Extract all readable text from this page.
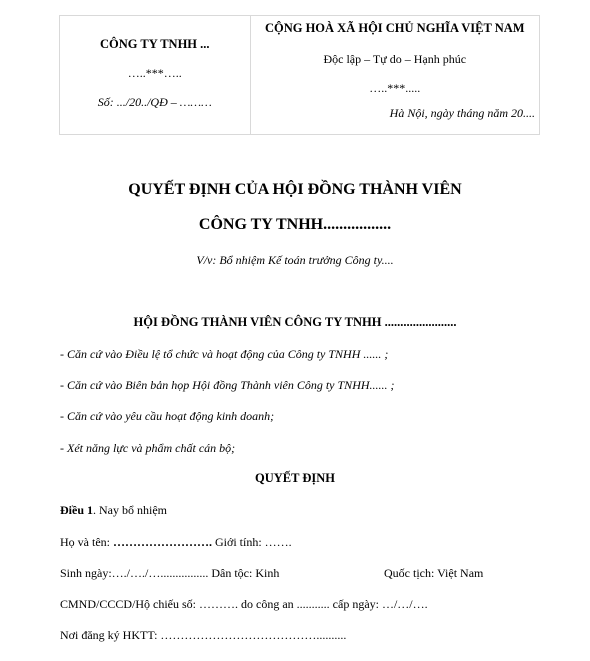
CÔNG TY TNHH ...
…..***…..
Số: .../20../QĐ – ………

CỘNG HOÀ XÃ HỘI CHỦ NGHĨA VIỆT NAM
Độc lập – Tự do – Hạnh phúc
…..***.....
Hà Nội, ngày tháng năm 20....
QUYẾT ĐỊNH CỦA HỘI ĐỒNG THÀNH VIÊN
CÔNG TY TNHH.................
V/v: Bổ nhiệm Kế toán trưởng Công ty....
HỘI ĐỒNG THÀNH VIÊN CÔNG TY TNHH .......................
- Căn cứ vào Điều lệ tổ chức và hoạt động của Công ty TNHH ...... ;
- Căn cứ vào Biên bản họp Hội đồng Thành viên Công ty TNHH...... ;
- Căn cứ vào yêu cầu hoạt động kinh doanh;
- Xét năng lực và phẩm chất cán bộ;
QUYẾT ĐỊNH
Điều 1. Nay bổ nhiệm
Họ và tên: ……………………. Giới tính: …….
Sinh ngày:…./…./…................ Dân tộc: Kinh	Quốc tịch: Việt Nam
CMND/CCCD/Hộ chiếu số: ………. do công an ........... cấp ngày: …/…/….
Nơi đăng ký HKTT: …………………………………..........
